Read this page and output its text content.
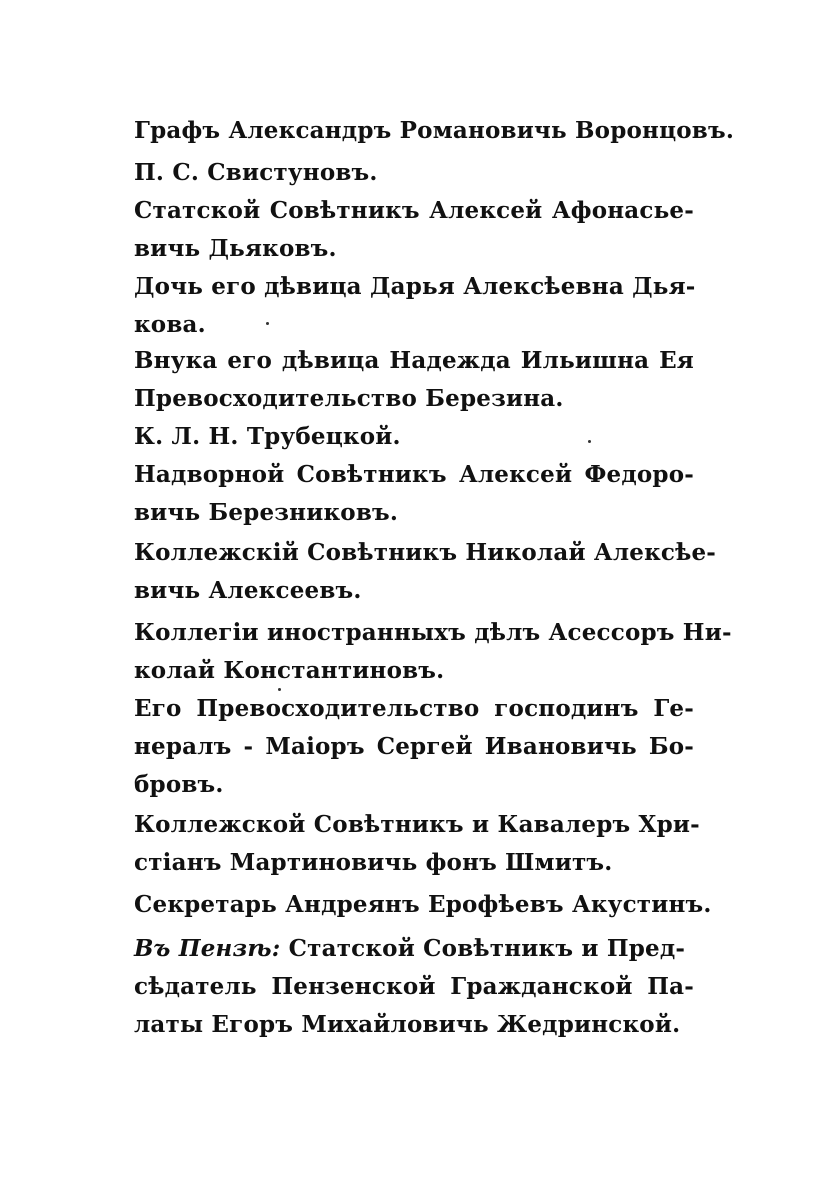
Графъ Александръ Романовичь Воронцовъ.

П. С. Свистуновъ.

Статской Совѣтникъ Алексей Афонасье-
вичь Дьяковъ.

Дочь его дѣвица Дарья Алексѣевна Дья-
кова.

Внука его дѣвица Надежда Ильишна Ея
Превосходительство Березина.

К. Л. Н. Трубецкой.

Надворной Совѣтникъ Алексей Федоро-
вичь Березниковъ.

Коллежскій Совѣтникъ Николай Алексѣе-
вичь Алексеевъ.

Коллегіи иностранныхъ дѣлъ Асессоръ Ни-
колай Константиновъ.

Его Превосходительство господинъ Ге-
нералъ - Маіоръ Сергей Ивановичь Бо-
бровъ.

Коллежской Совѣтникъ и Кавалеръ Хри-
стіанъ Мартиновичь фонъ Шмитъ.

Секретарь Андреянъ Ерофѣевъ Акустинъ.

Въ Пензѣ: Статской Совѣтникъ и Пред-
сѣдатель Пензенской Гражданской Па-
латы Егоръ Михайловичь Жедринской.
